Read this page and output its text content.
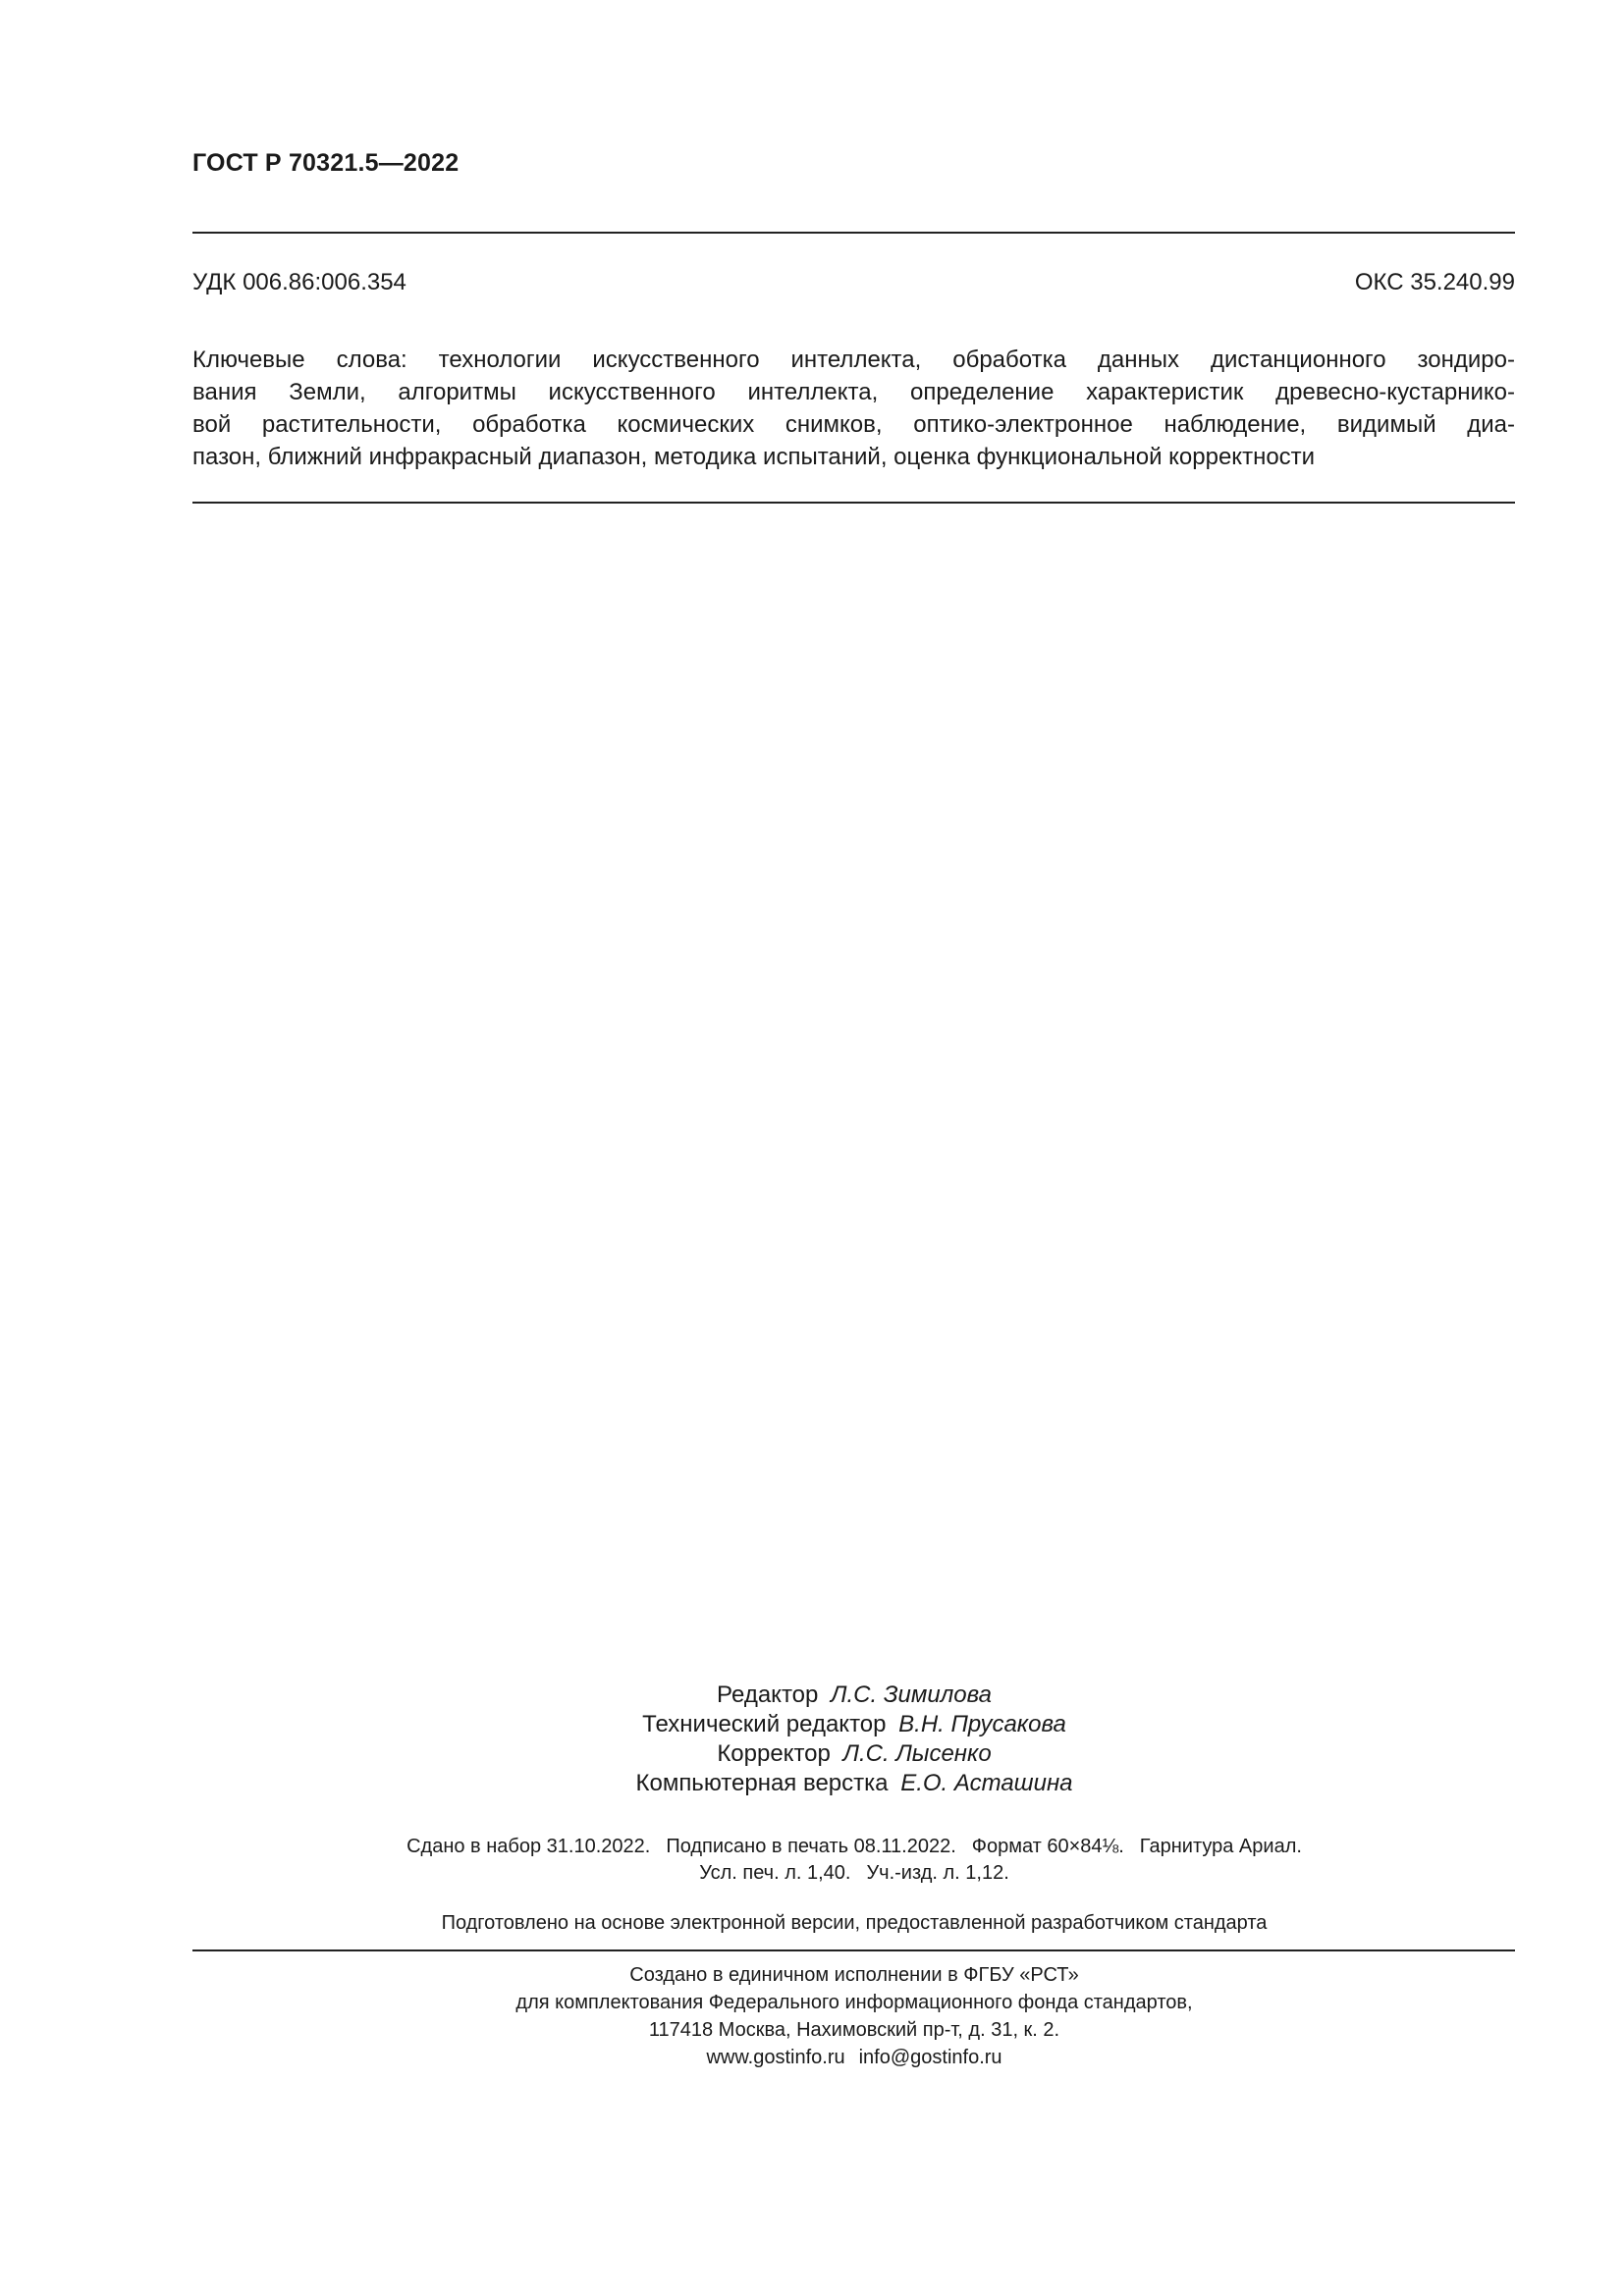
ГОСТ Р 70321.5—2022
УДК 006.86:006.354	ОКС 35.240.99
Ключевые слова: технологии искусственного интеллекта, обработка данных дистанционного зондиро-
вания Земли, алгоритмы искусственного интеллекта, определение характеристик древесно-кустарнико-
вой растительности, обработка космических снимков, оптико-электронное наблюдение, видимый диа-
пазон, ближний инфракрасный диапазон, методика испытаний, оценка функциональной корректности
Редактор Л.С. Зимилова
Технический редактор В.Н. Прусакова
Корректор Л.С. Лысенко
Компьютерная верстка Е.О. Асташина
Сдано в набор 31.10.2022. Подписано в печать 08.11.2022. Формат 60×84⅛. Гарнитура Ариал.
Усл. печ. л. 1,40. Уч.-изд. л. 1,12.
Подготовлено на основе электронной версии, предоставленной разработчиком стандарта
Создано в единичном исполнении в ФГБУ «РСТ»
для комплектования Федерального информационного фонда стандартов,
117418 Москва, Нахимовский пр-т, д. 31, к. 2.
www.gostinfo.ru info@gostinfo.ru
